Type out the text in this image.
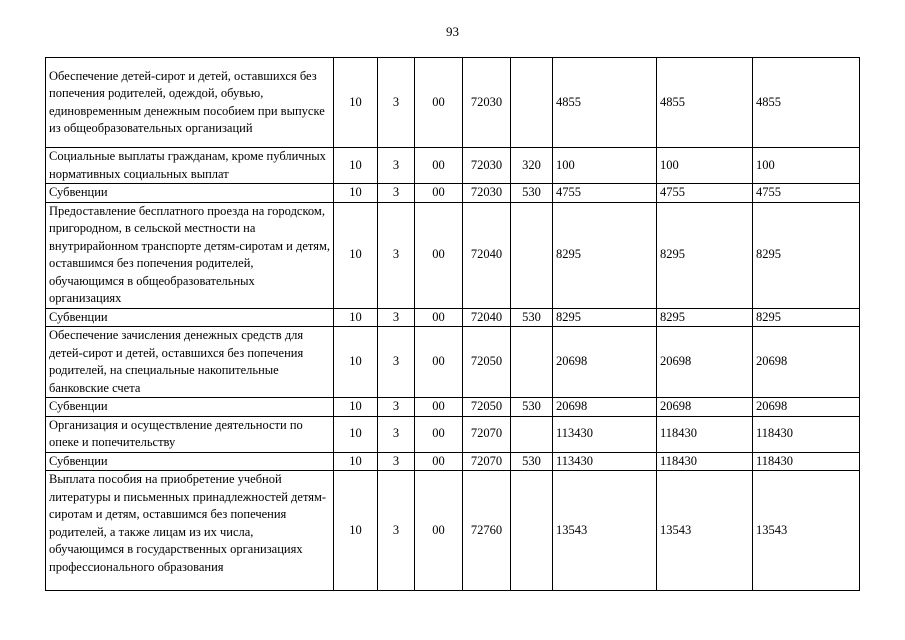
93
Обеспечение детей-сирот и детей, оставшихся без попечения родителей, одеждой, обувью, единовременным денежным пособием при выпуске из общеобразовательных организаций	10	3	00	72030		4855	4855	4855
Социальные выплаты гражданам, кроме публичных нормативных социальных выплат	10	3	00	72030	320	100	100	100
Субвенции	10	3	00	72030	530	4755	4755	4755
Предоставление бесплатного проезда на городском, пригородном, в сельской местности на внутрирайонном транспорте детям-сиротам и детям, оставшимся без попечения родителей, обучающимся в общеобразовательных организациях	10	3	00	72040		8295	8295	8295
Субвенции	10	3	00	72040	530	8295	8295	8295
Обеспечение зачисления денежных средств для детей-сирот и детей, оставшихся без попечения родителей, на специальные накопительные банковские счета	10	3	00	72050		20698	20698	20698
Субвенции	10	3	00	72050	530	20698	20698	20698
Организация и осуществление деятельности по опеке и попечительству	10	3	00	72070		113430	118430	118430
Субвенции	10	3	00	72070	530	113430	118430	118430
Выплата пособия на приобретение учебной литературы и письменных принадлежностей детям-сиротам и детям, оставшимся без попечения родителей, а также лицам из их числа, обучающимся в государственных организациях профессионального образования	10	3	00	72760		13543	13543	13543
